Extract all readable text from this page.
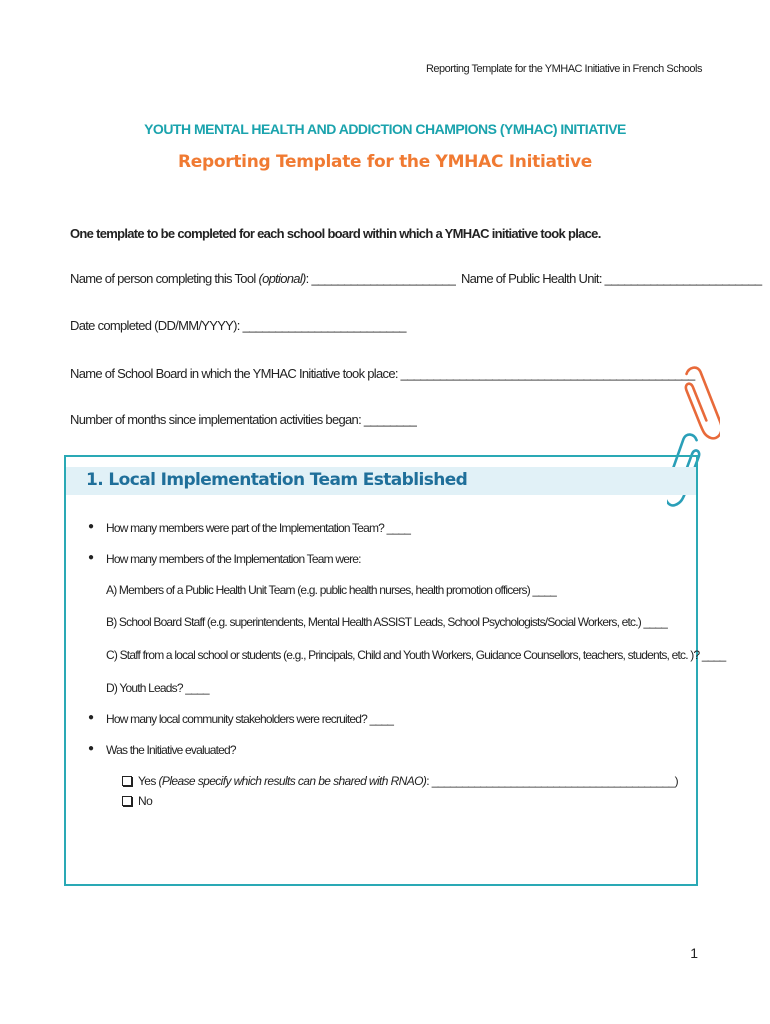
Reporting Template for the YMHAC Initiative in French Schools
YOUTH MENTAL HEALTH AND ADDICTION CHAMPIONS (YMHAC) INITIATIVE
Reporting Template for the YMHAC Initiative
One template to be completed for each school board within which a YMHAC initiative took place.
Name of person completing this Tool (optional): ______________________ Name of Public Health Unit: ________________________
Date completed (DD/MM/YYYY): _________________________
Name of School Board in which the YMHAC Initiative took place: _____________________________________________
Number of months since implementation activities began: ________
1. Local Implementation Team Established
● How many members were part of the Implementation Team? ____
● How many members of the Implementation Team were:
A) Members of a Public Health Unit Team (e.g. public health nurses, health promotion officers) ____
B) School Board Staff (e.g. superintendents, Mental Health ASSIST Leads, School Psychologists/Social Workers, etc.) ____
C) Staff from a local school or students (e.g., Principals, Child and Youth Workers, Guidance Counsellors, teachers, students, etc. )? ____
D) Youth Leads? ____
● How many local community stakeholders were recruited? ____
● Was the Initiative evaluated?
Yes (Please specify which results can be shared with RNAO): ________________________________________)
No
1
